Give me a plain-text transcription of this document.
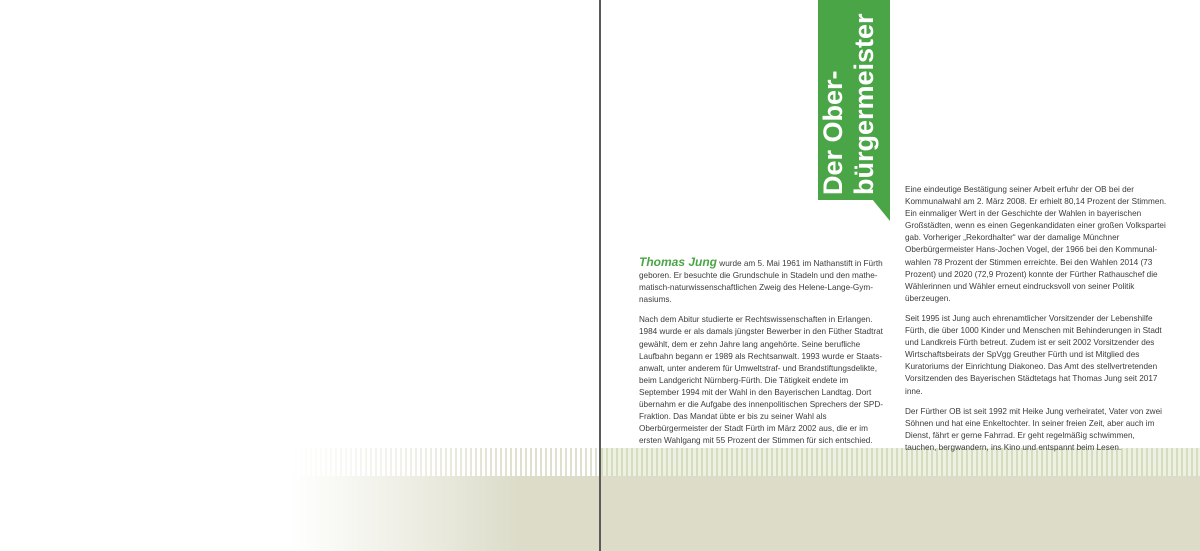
Der Ober- bürgermeister

Thomas Jung wurde am 5. Mai 1961 im Nathanstift in Fürth geboren. Er besuchte die Grundschule in Stadeln und den mathematisch-naturwissenschaftlichen Zweig des Helene-Lange-Gymnasiums.

Nach dem Abitur studierte er Rechtswissenschaften in Erlangen. 1984 wurde er als damals jüngster Bewerber in den Füther Stadtrat gewählt, dem er zehn Jahre lang angehörte. Seine berufliche Laufbahn begann er 1989 als Rechtsanwalt. 1993 wurde er Staatsanwalt, unter anderem für Umweltstraf- und Brandstiftungsdelikte, beim Landgericht Nürnberg-Fürth. Die Tätigkeit endete im September 1994 mit der Wahl in den Bayerischen Landtag. Dort übernahm er die Aufgabe des innenpolitischen Sprechers der SPD-Fraktion. Das Mandat übte er bis zu seiner Wahl als Oberbürgermeister der Stadt Fürth im März 2002 aus, die er im ersten Wahlgang mit 55 Prozent der Stimmen für sich entschied.

Eine eindeutige Bestätigung seiner Arbeit erfuhr der OB bei der Kommunalwahl am 2. März 2008. Er erhielt 80,14 Prozent der Stimmen. Ein einmaliger Wert in der Geschichte der Wahlen in bayerischen Großstädten, wenn es einen Gegenkandidaten einer großen Volkspartei gab. Vorheriger „Rekordhalter“ war der damalige Münchner Oberbürgermeister Hans-Jochen Vogel, der 1966 bei den Kommunalwahlen 78 Prozent der Stimmen erreichte. Bei den Wahlen 2014 (73 Prozent) und 2020 (72,9 Prozent) konnte der Fürther Rathauschef die Wählerinnen und Wähler erneut eindrucksvoll von seiner Politik überzeugen.

Seit 1995 ist Jung auch ehrenamtlicher Vorsitzender der Lebenshilfe Fürth, die über 1000 Kinder und Menschen mit Behinderungen in Stadt und Landkreis Fürth betreut. Zudem ist er seit 2002 Vorsitzender des Wirtschaftsbeirats der SpVgg Greuther Fürth und ist Mitglied des Kuratoriums der Einrichtung Diakoneo. Das Amt des stellvertretenden Vorsitzenden des Bayerischen Städtetags hat Thomas Jung seit 2017 inne.

Der Fürther OB ist seit 1992 mit Heike Jung verheiratet, Vater von zwei Söhnen und hat eine Enkeltochter. In seiner freien Zeit, aber auch im Dienst, fährt er gerne Fahrrad. Er geht regelmäßig schwimmen, tauchen, bergwandern, ins Kino und entspannt beim Lesen.
